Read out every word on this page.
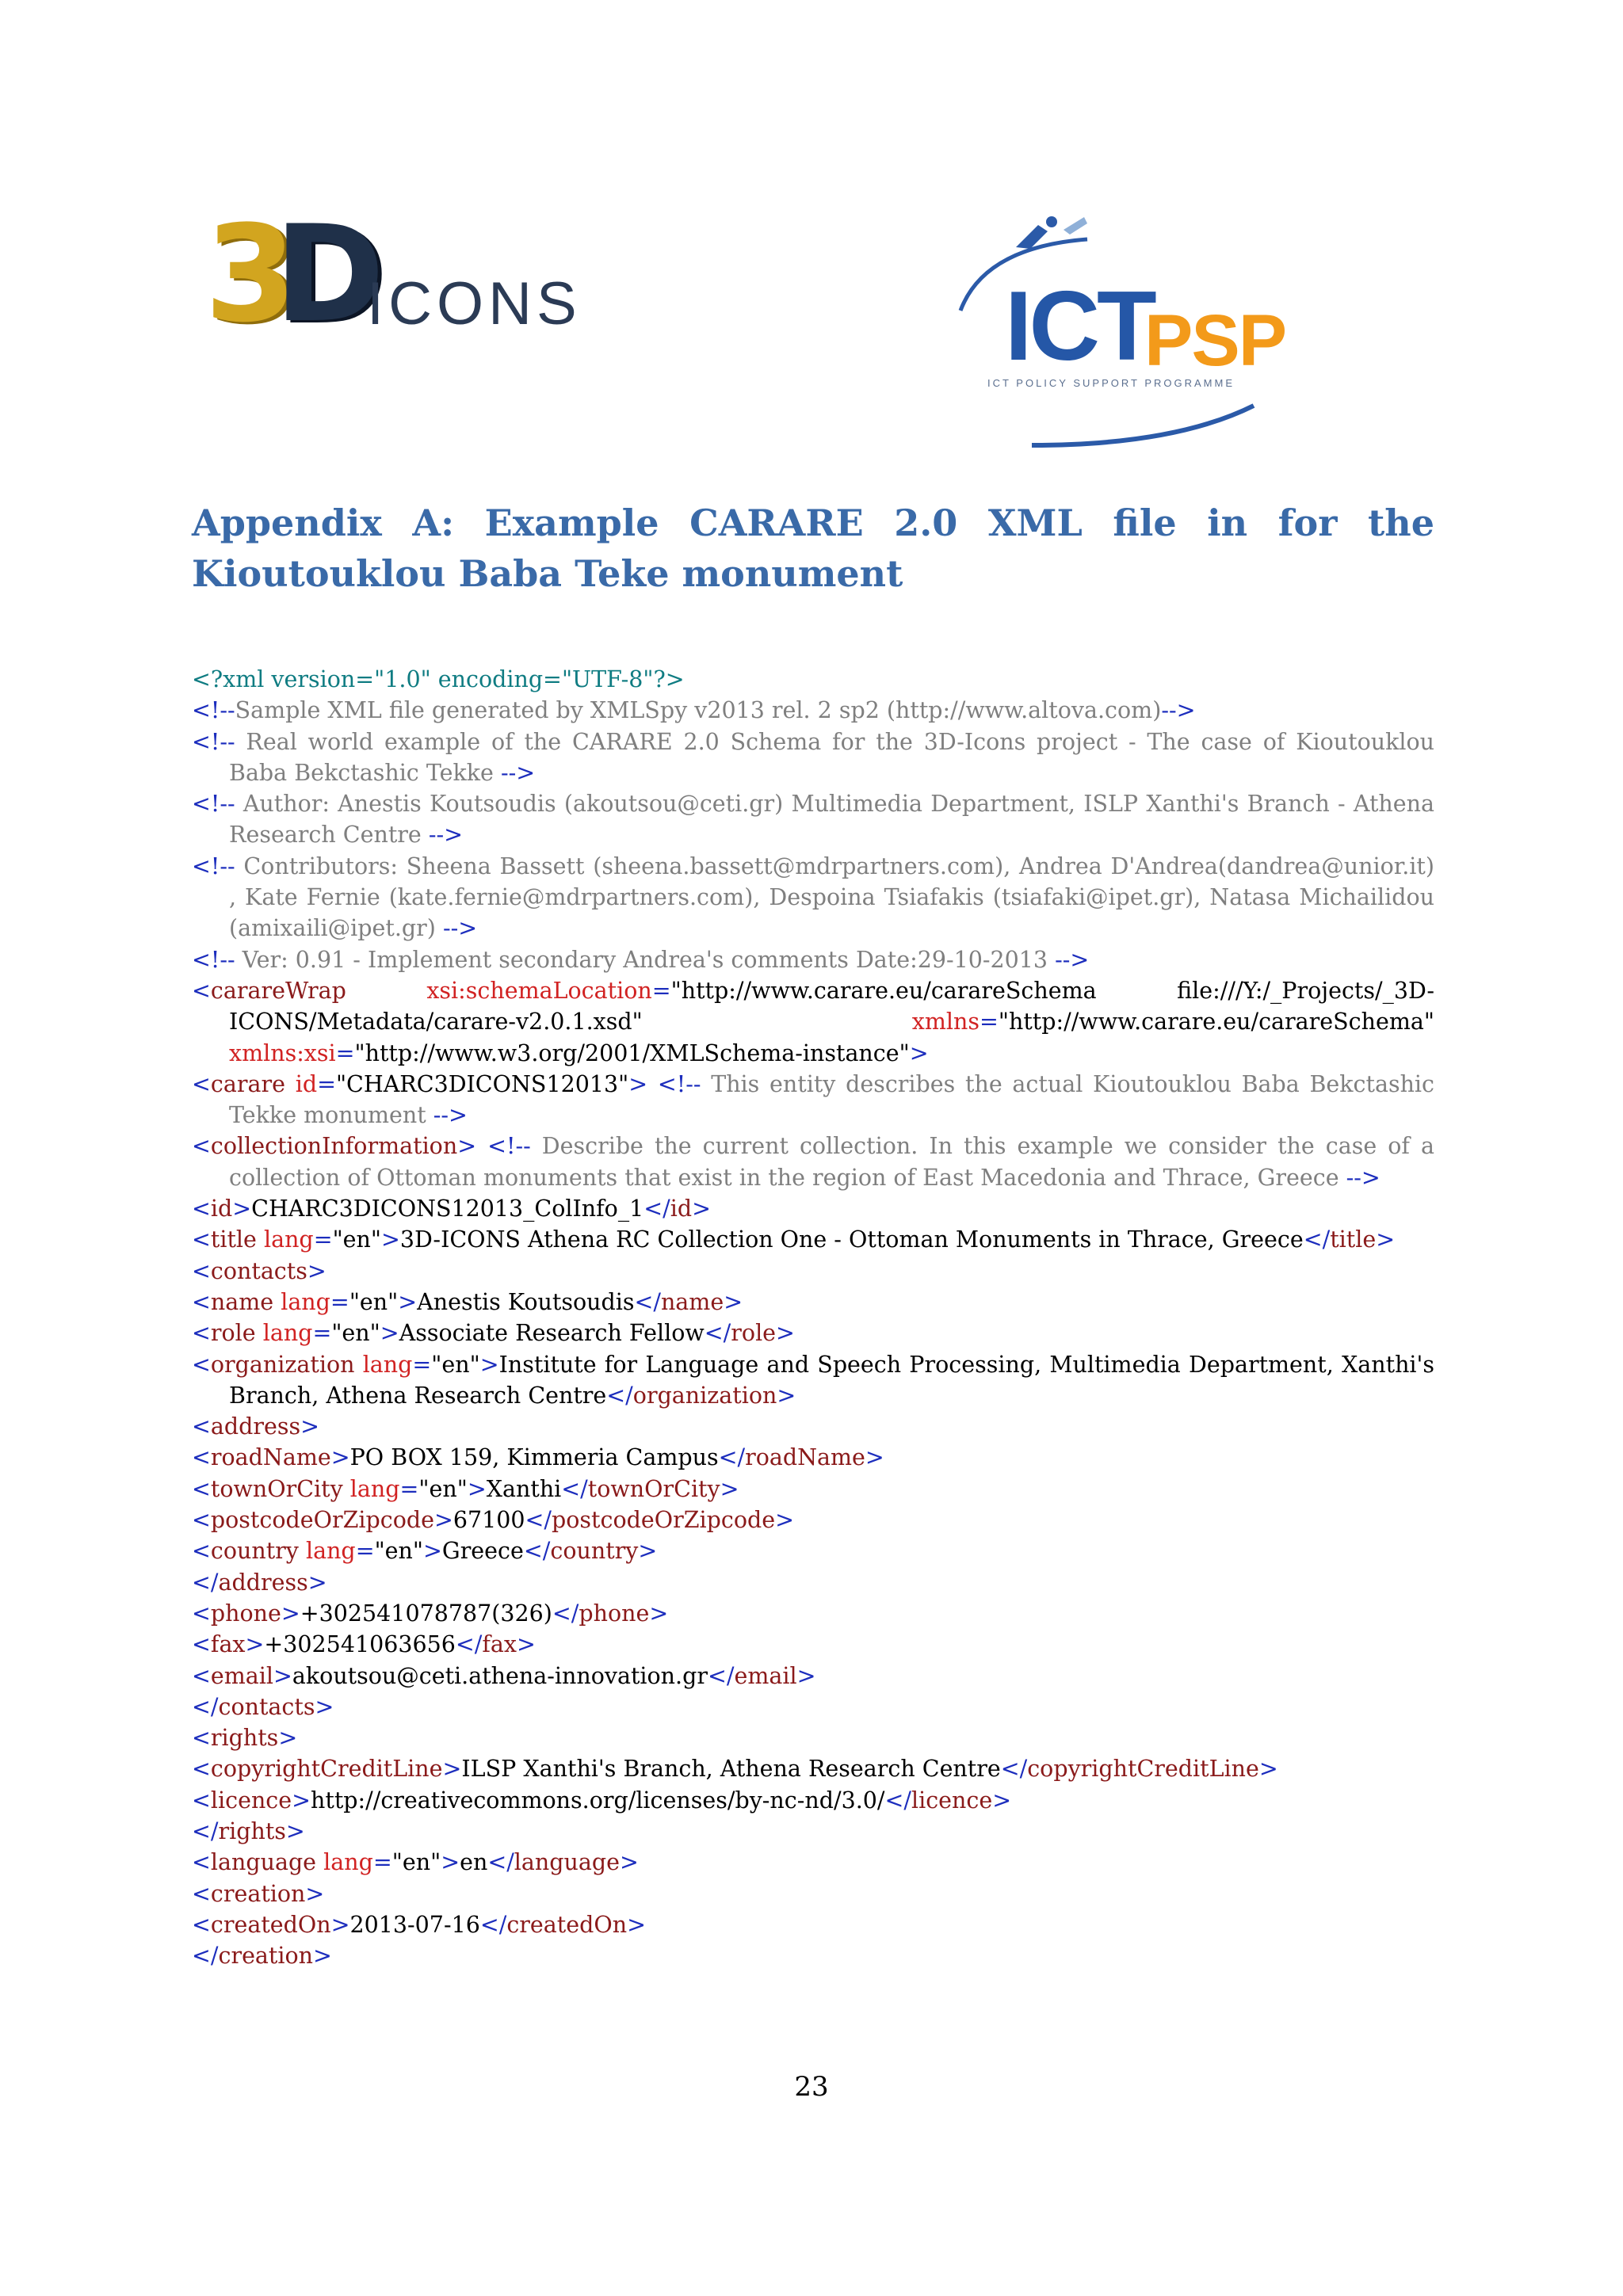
3
D
ICONS	ICT
PSP
ICT POLICY SUPPORT PROGRAMME
Appendix A: Example CARARE 2.0 XML file in for the
Kioutouklou Baba Teke monument
<?xml version="1.0" encoding="UTF-8"?>
<!--Sample XML file generated by XMLSpy v2013 rel. 2 sp2 (http://www.altova.com)-->
<!-- Real world example of the CARARE 2.0 Schema for the 3D-Icons project - The case of Kioutouklou Baba Bekctashic Tekke -->
<!-- Author: Anestis Koutsoudis (akoutsou@ceti.gr) Multimedia Department, ISLP Xanthi's Branch - Athena Research Centre -->
<!-- Contributors: Sheena Bassett (sheena.bassett@mdrpartners.com), Andrea D'Andrea(dandrea@unior.it) , Kate Fernie (kate.fernie@mdrpartners.com), Despoina Tsiafakis (tsiafaki@ipet.gr), Natasa Michailidou (amixaili@ipet.gr) -->
<!-- Ver: 0.91 - Implement secondary Andrea's comments Date:29-10-2013 -->
<carareWrap	xsi:schemaLocation="http://www.carare.eu/carareSchema file:///Y:/_Projects/_3D-ICONS/Metadata/carare-v2.0.1.xsd"	xmlns="http://www.carare.eu/carareSchema" xmlns:xsi="http://www.w3.org/2001/XMLSchema-instance">
<carare id="CHARC3DICONS12013"> <!-- This entity describes the actual Kioutouklou Baba Bekctashic Tekke monument -->
<collectionInformation> <!-- Describe the current collection. In this example we consider the case of a collection of Ottoman monuments that exist in the region of East Macedonia and Thrace, Greece -->
<id>CHARC3DICONS12013_ColInfo_1</id>
<title lang="en">3D-ICONS Athena RC Collection One - Ottoman Monuments in Thrace, Greece</title>
<contacts>
<name lang="en">Anestis Koutsoudis</name>
<role lang="en">Associate Research Fellow</role>
<organization lang="en">Institute for Language and Speech Processing, Multimedia Department, Xanthi's Branch, Athena Research Centre</organization>
<address>
<roadName>PO BOX 159, Kimmeria Campus</roadName>
<townOrCity lang="en">Xanthi</townOrCity>
<postcodeOrZipcode>67100</postcodeOrZipcode>
<country lang="en">Greece</country>
</address>
<phone>+302541078787(326)</phone>
<fax>+302541063656</fax>
<email>akoutsou@ceti.athena-innovation.gr</email>
</contacts>
<rights>
<copyrightCreditLine>ILSP Xanthi's Branch, Athena Research Centre</copyrightCreditLine>
<licence>http://creativecommons.org/licenses/by-nc-nd/3.0/</licence>
</rights>
<language lang="en">en</language>
<creation>
<createdOn>2013-07-16</createdOn>
</creation>
23
